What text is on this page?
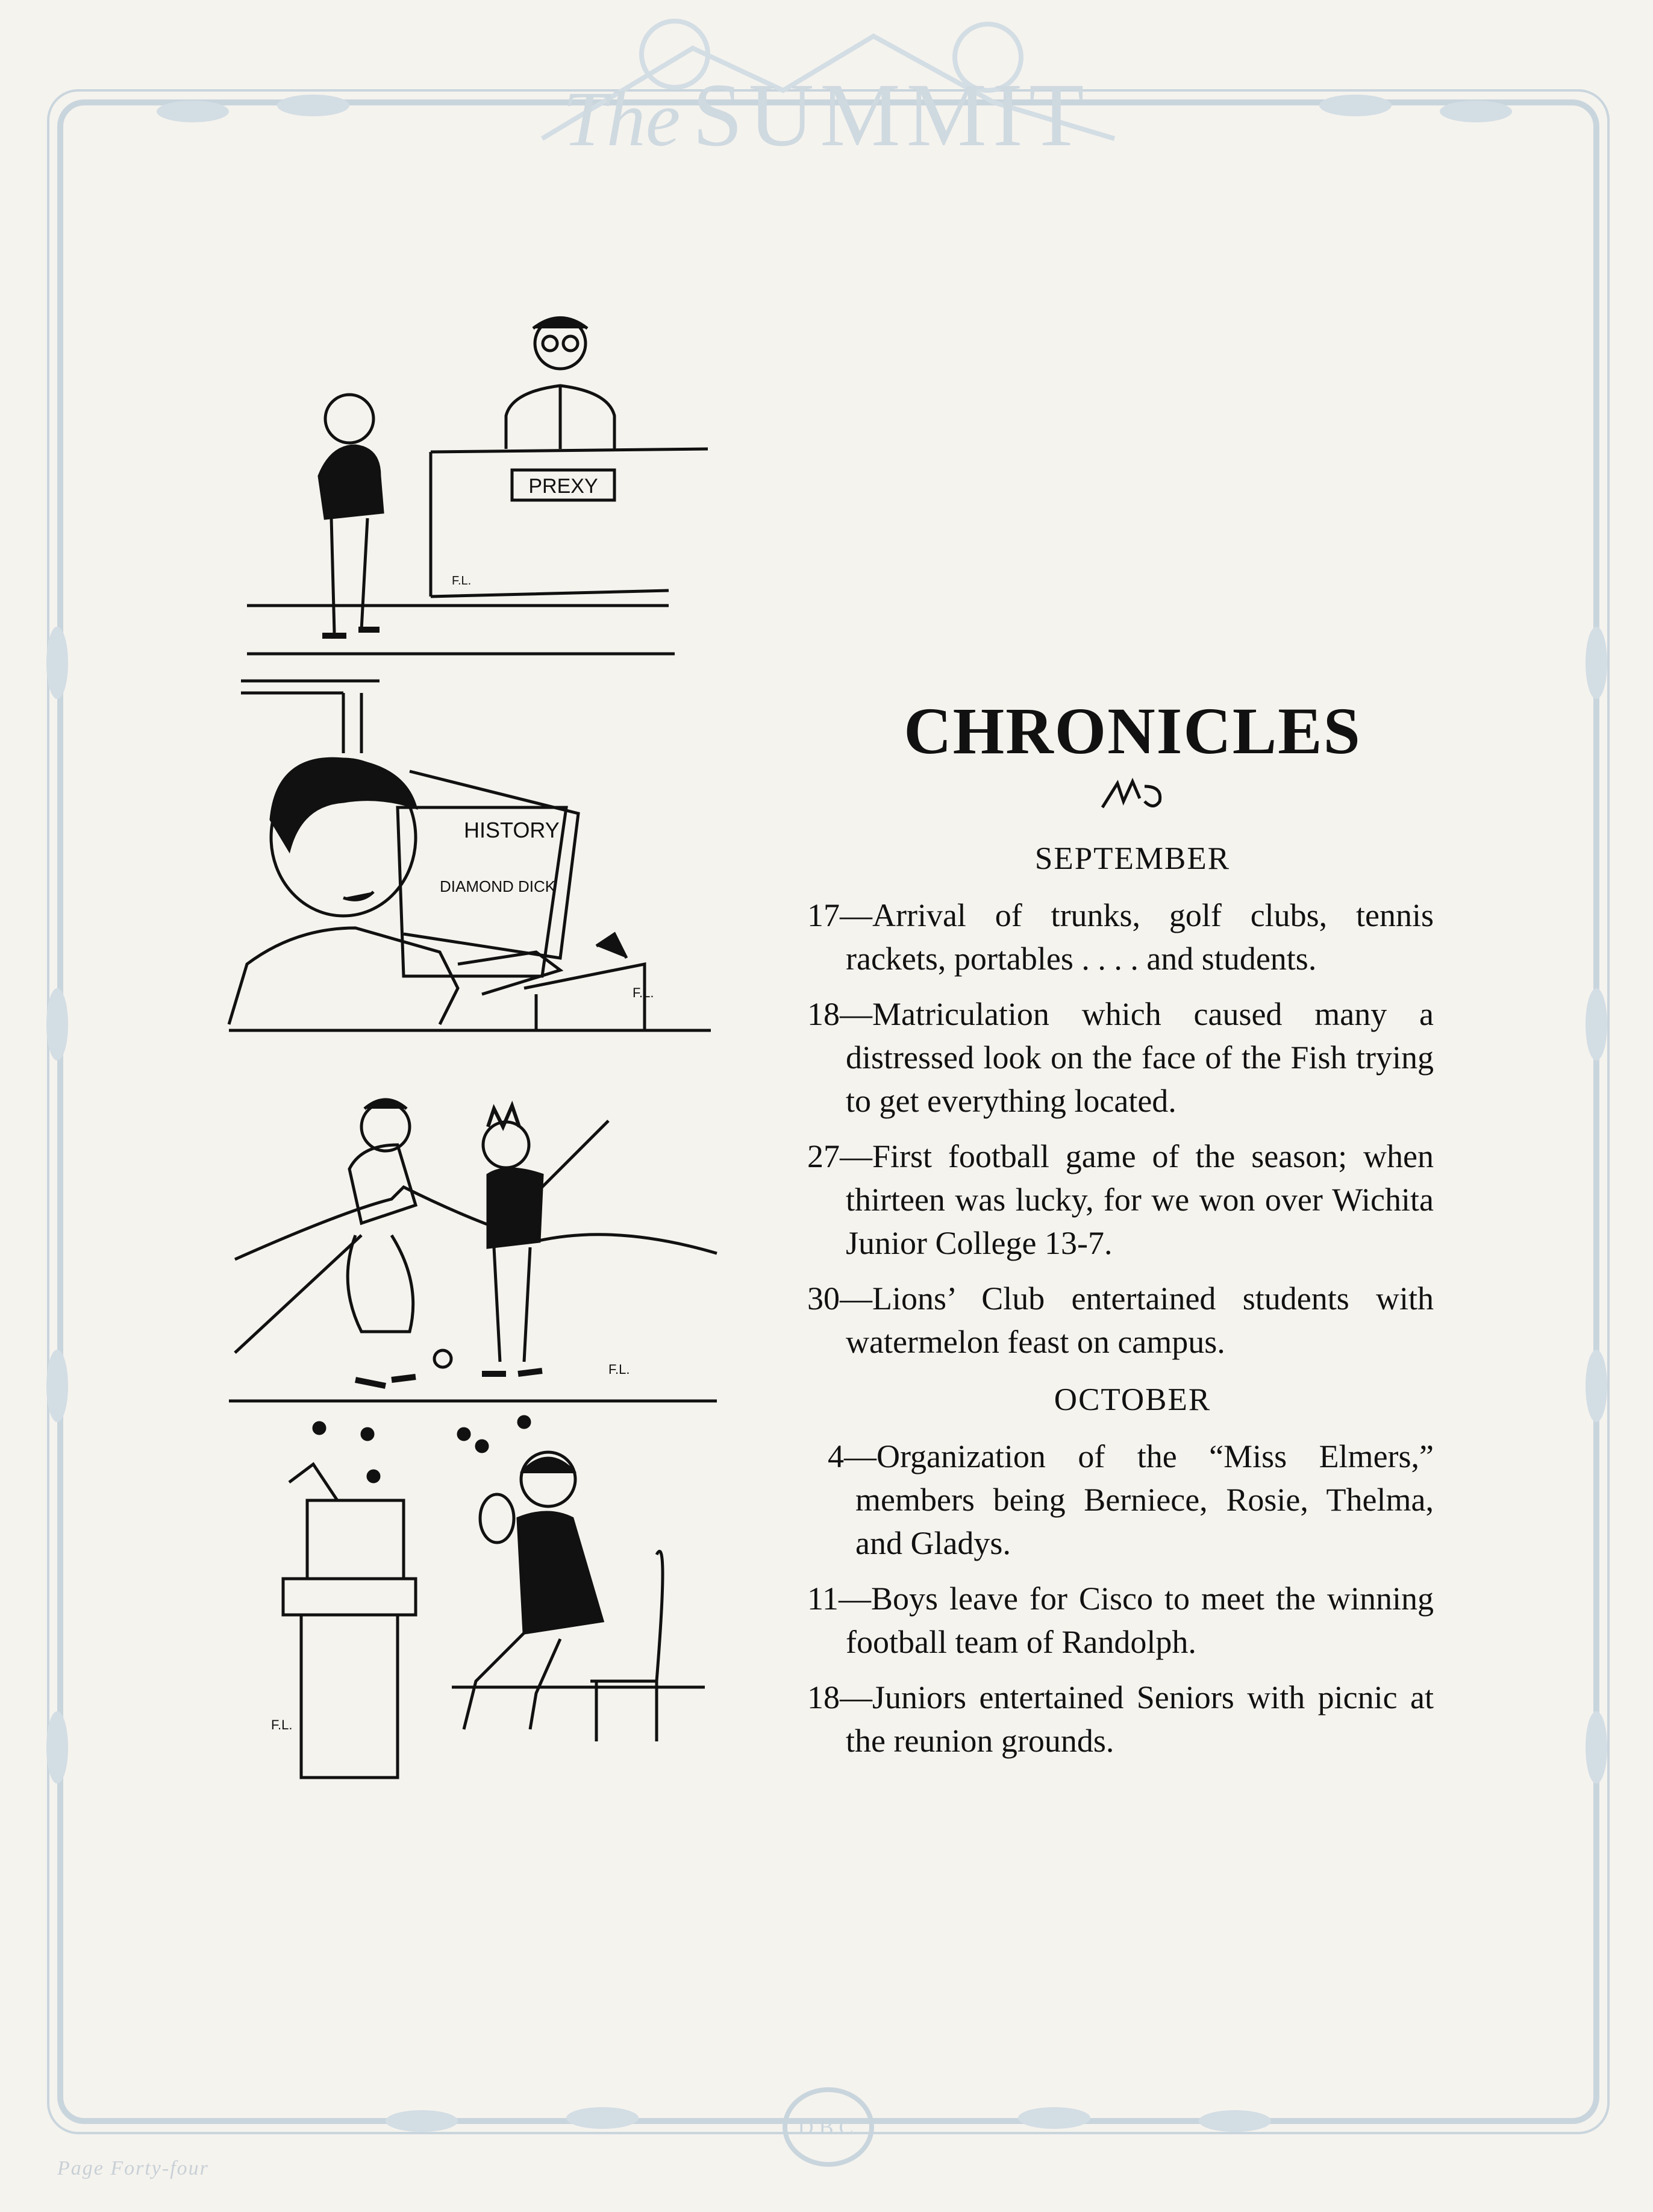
The SUMMIT
D.B.C.
Page Forty-four
PREXY
F.L.
HISTORY
DIAMOND DICK
F.L.
F.L.
F.L.
CHRONICLES
SEPTEMBER

17—Arrival of trunks, golf clubs, tennis rackets, portables . . . . and students.

18—Matriculation which caused many a distressed look on the face of the Fish trying to get everything located.

27—First football game of the season; when thirteen was lucky, for we won over Wichita Junior College 13-7.

30—Lions’ Club entertained students with watermelon feast on campus.

OCTOBER

4—Organization of the “Miss Elmers,” members being Berniece, Rosie, Thelma, and Gladys.

11—Boys leave for Cisco to meet the winning football team of Randolph.

18—Juniors entertained Seniors with picnic at the reunion grounds.
